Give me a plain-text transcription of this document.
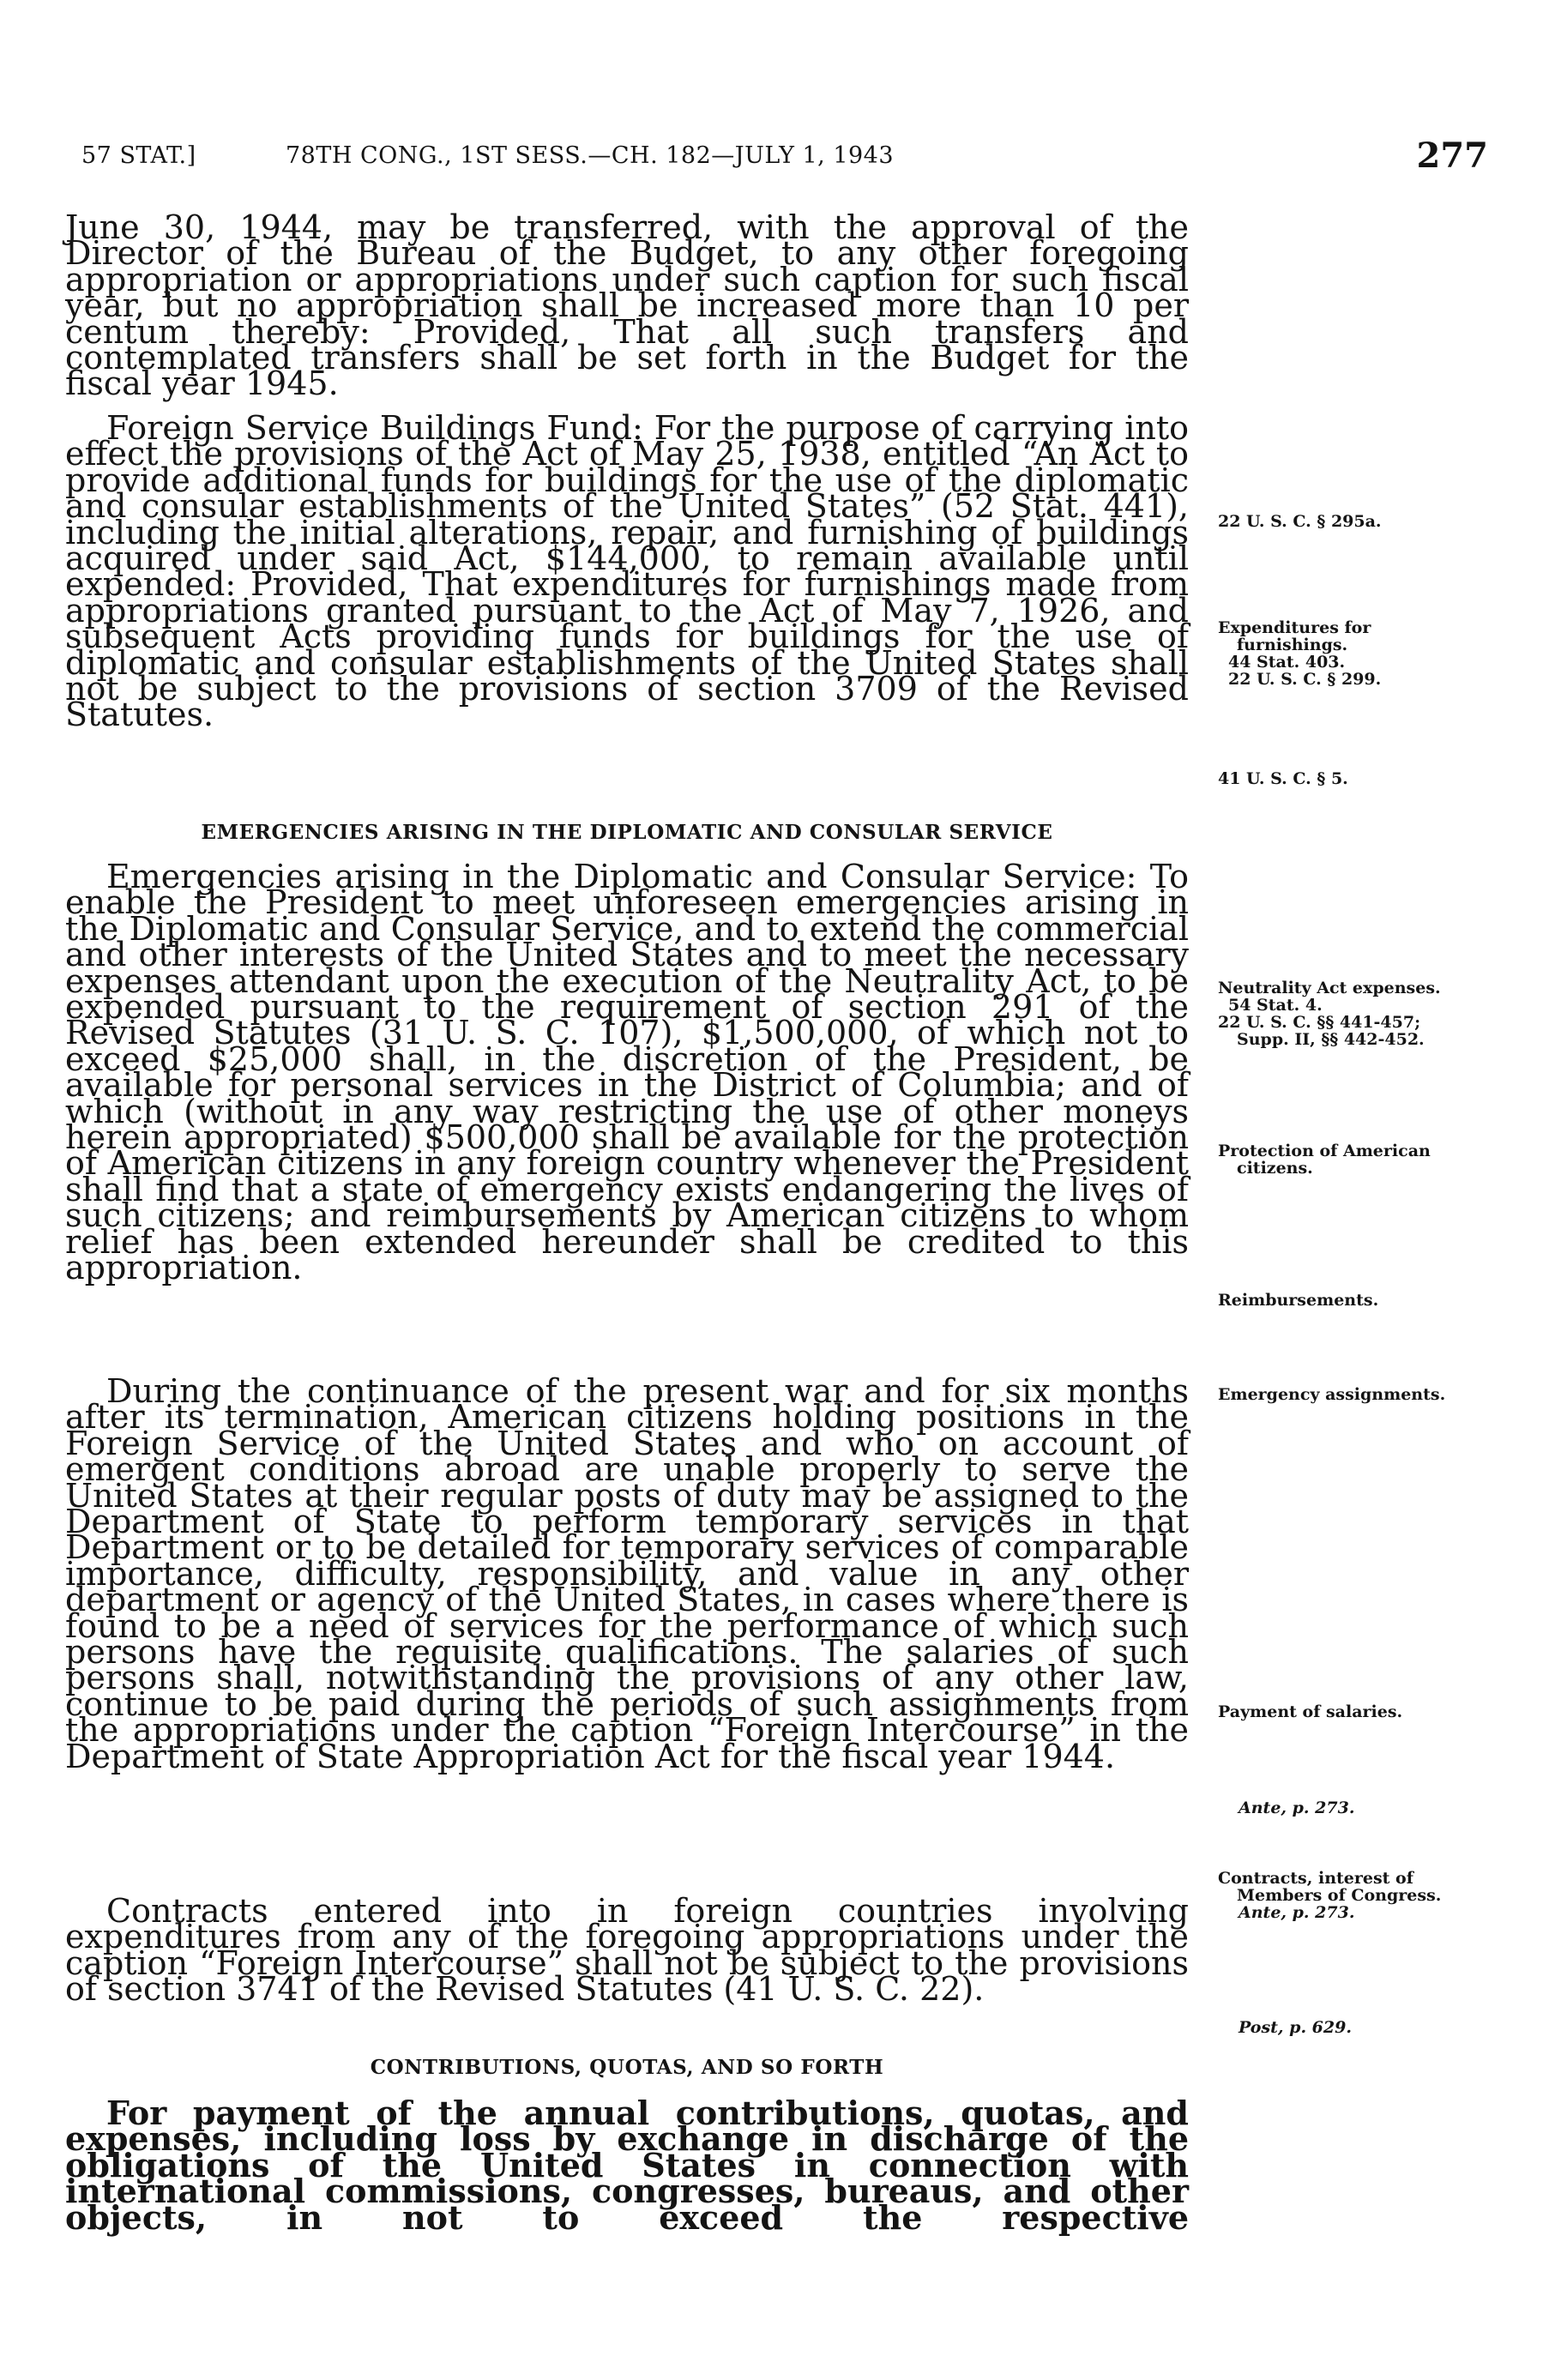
57 STAT.]	78TH CONG., 1ST SESS.—CH. 182—JULY 1, 1943	277

June 30, 1944, may be transferred, with the approval of the Director of the Bureau of the Budget, to any other foregoing appropriation or appropriations under such caption for such fiscal year, but no appropriation shall be increased more than 10 per centum thereby: Provided, That all such transfers and contemplated transfers shall be set forth in the Budget for the fiscal year 1945.

Foreign Service Buildings Fund: For the purpose of carrying into effect the provisions of the Act of May 25, 1938, entitled “An Act to provide additional funds for buildings for the use of the diplomatic and consular establishments of the United States” (52 Stat. 441), including the initial alterations, repair, and furnishing of buildings acquired under said Act, $144,000, to remain available until expended: Provided, That expenditures for furnishings made from appropriations granted pursuant to the Act of May 7, 1926, and subsequent Acts providing funds for buildings for the use of diplomatic and consular establishments of the United States shall not be subject to the provisions of section 3709 of the Revised Statutes.

EMERGENCIES ARISING IN THE DIPLOMATIC AND CONSULAR SERVICE

Emergencies arising in the Diplomatic and Consular Service: To enable the President to meet unforeseen emergencies arising in the Diplomatic and Consular Service, and to extend the commercial and other interests of the United States and to meet the necessary expenses attendant upon the execution of the Neutrality Act, to be expended pursuant to the requirement of section 291 of the Revised Statutes (31 U. S. C. 107), $1,500,000, of which not to exceed $25,000 shall, in the discretion of the President, be available for personal services in the District of Columbia; and of which (without in any way restricting the use of other moneys herein appropriated) $500,000 shall be available for the protection of American citizens in any foreign country whenever the President shall find that a state of emergency exists endangering the lives of such citizens; and reimbursements by American citizens to whom relief has been extended hereunder shall be credited to this appropriation.

During the continuance of the present war and for six months after its termination, American citizens holding positions in the Foreign Service of the United States and who on account of emergent conditions abroad are unable properly to serve the United States at their regular posts of duty may be assigned to the Department of State to perform temporary services in that Department or to be detailed for temporary services of comparable importance, difficulty, responsibility, and value in any other department or agency of the United States, in cases where there is found to be a need of services for the performance of which such persons have the requisite qualifications. The salaries of such persons shall, notwithstanding the provisions of any other law, continue to be paid during the periods of such assignments from the appropriations under the caption “Foreign Intercourse” in the Department of State Appropriation Act for the fiscal year 1944.

Contracts entered into in foreign countries involving expenditures from any of the foregoing appropriations under the caption “Foreign Intercourse” shall not be subject to the provisions of section 3741 of the Revised Statutes (41 U. S. C. 22).

CONTRIBUTIONS, QUOTAS, AND SO FORTH

For payment of the annual contributions, quotas, and expenses, including loss by exchange in discharge of the obligations of the United States in connection with international commissions, congresses, bureaus, and other objects, in not to exceed the respective

22 U. S. C. § 295a.
Expenditures for furnishings.
44 Stat. 403.
22 U. S. C. § 299.
41 U. S. C. § 5.
Neutrality Act expenses.
54 Stat. 4.
22 U. S. C. §§ 441-457; Supp. II, §§ 442-452.
Protection of American citizens.
Reimbursements.
Emergency assignments.
Payment of salaries.
Ante, p. 273.
Contracts, interest of Members of Congress.
Ante, p. 273.
Post, p. 629.
